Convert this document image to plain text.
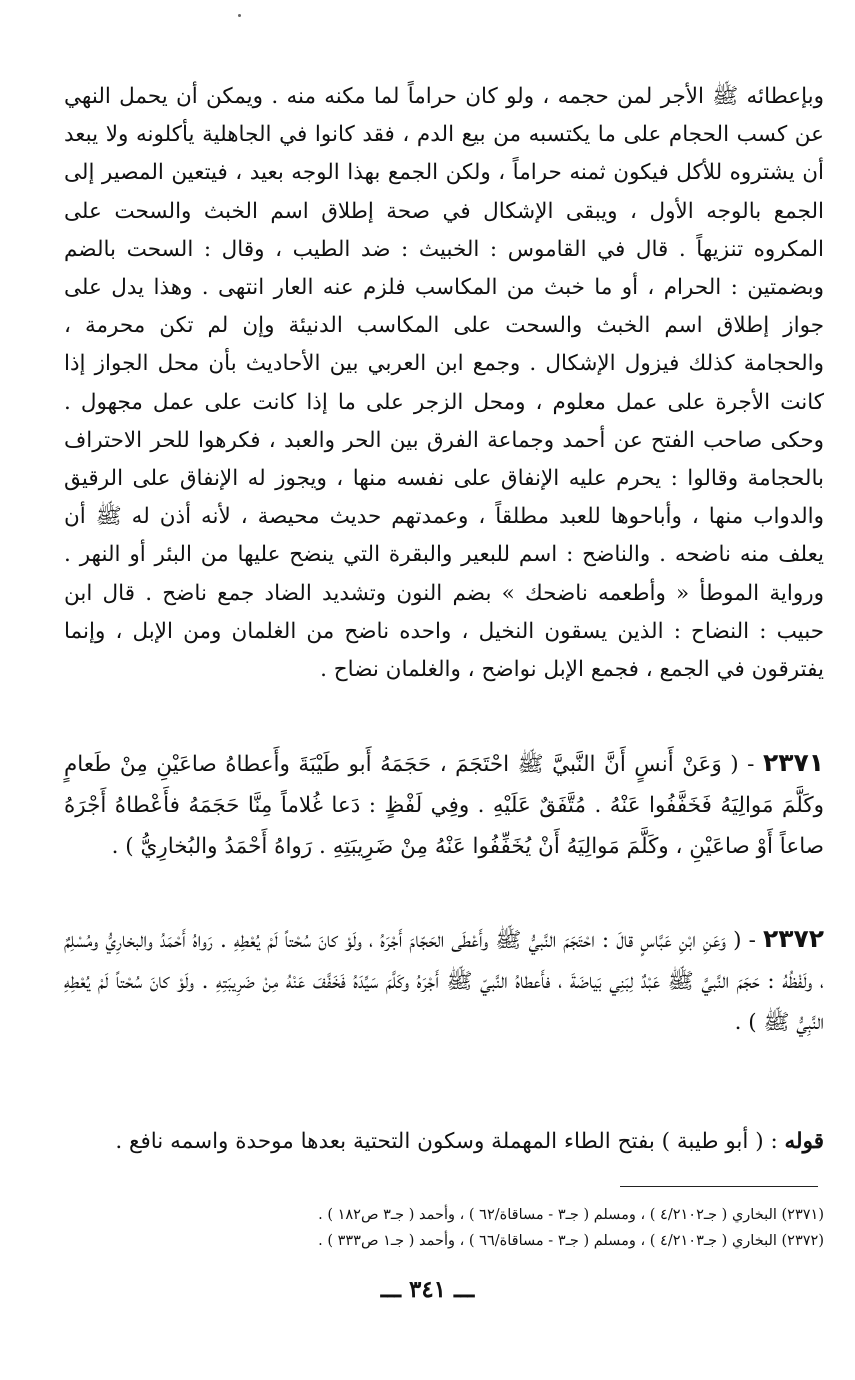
وبإعطائه ﷺ الأجر لمن حجمه ، ولو كان حراماً لما مكنه منه . ويمكن أن يحمل النهي عن كسب الحجام على ما يكتسبه من بيع الدم ، فقد كانوا في الجاهلية يأكلونه ولا يبعد أن يشتروه للأكل فيكون ثمنه حراماً ، ولكن الجمع بهذا الوجه بعيد ، فيتعين المصير إلى الجمع بالوجه الأول ، ويبقى الإشكال في صحة إطلاق اسم الخبث والسحت على المكروه تنزيهاً . قال في القاموس : الخبيث : ضد الطيب ، وقال : السحت بالضم وبضمتين : الحرام ، أو ما خبث من المكاسب فلزم عنه العار انتهى . وهذا يدل على جواز إطلاق اسم الخبث والسحت على المكاسب الدنيئة وإن لم تكن محرمة ، والحجامة كذلك فيزول الإشكال . وجمع ابن العربي بين الأحاديث بأن محل الجواز إذا كانت الأجرة على عمل معلوم ، ومحل الزجر على ما إذا كانت على عمل مجهول . وحكى صاحب الفتح عن أحمد وجماعة الفرق بين الحر والعبد ، فكرهوا للحر الاحتراف بالحجامة وقالوا : يحرم عليه الإنفاق على نفسه منها ، ويجوز له الإنفاق على الرقيق والدواب منها ، وأباحوها للعبد مطلقاً ، وعمدتهم حديث محيصة ، لأنه أذن له ﷺ أن يعلف منه ناضحه . والناضح : اسم للبعير والبقرة التي ينضح عليها من البئر أو النهر . ورواية الموطأ « وأطعمه ناضحك » بضم النون وتشديد الضاد جمع ناضح . قال ابن حبيب : النضاح : الذين يسقون النخيل ، واحده ناضح من الغلمان ومن الإبل ، وإنما يفترقون في الجمع ، فجمع الإبل نواضح ، والغلمان نضاح .
٢٣٧١ - ( وَعَنْ أَنسٍ أَنَّ النَّبيَّ ﷺ احْتَجَمَ ، حَجَمَهُ أَبو طَيْبَةَ وأَعطاهُ صاعَيْنِ مِنْ طَعامٍ وكَلَّمَ مَوالِيَهُ فَخَفَّفُوا عَنْهُ . مُتَّفَقٌ عَلَيْهِ . وفِي لَفْظٍ : دَعا غُلاماً مِنَّا حَجَمَهُ فأَعْطاهُ أَجْرَهُ صاعاً أَوْ صاعَيْنِ ، وكَلَّمَ مَوالِيَهُ أَنْ يُخَفِّفُوا عَنْهُ مِنْ ضَرِيبَتِهِ . رَواهُ أَحْمَدُ والبُخارِيُّ ) .
٢٣٧٢ - ( وَعَنِ ابْنِ عَبَّاسٍ قالَ : احْتَجَمَ النَّبيُّ ﷺ وأَعْطَى الحَجّامَ أَجْرَهُ ، ولَوْ كانَ سُحْتاً لَمْ يُعْطِهِ . رَواهُ أَحْمَدُ والبخارِيُّ ومُسْلِمٌ ، ولَفْظُهُ : حَجَمَ النَّبيَّ ﷺ عَبْدٌ لِبَنِي بَياضَةَ ، فأَعطاهُ النَّبيّ ﷺ أَجْرَهُ وكَلَّمَ سَيِّدَهُ فَخَفَّفَ عَنْهُ مِنْ ضَرِيبَتِهِ . ولَوْ كانَ سُحْتاً لَمْ يُعْطِهِ النَّبِيُّ ﷺ ) .
قوله : ( أبو طيبة ) بفتح الطاء المهملة وسكون التحتية بعدها موحدة واسمه نافع .
(٢٣٧١) البخاري ( جـ٤/٢١٠٢ ) ، ومسلم ( جـ٣ - مساقاة/٦٢ ) ، وأحمد ( جـ٣ ص١٨٢ ) .
(٢٣٧٢) البخاري ( جـ٤/٢١٠٣ ) ، ومسلم ( جـ٣ - مساقاة/٦٦ ) ، وأحمد ( جـ١ ص٣٣٣ ) .
ـــ ٣٤١ ـــ
